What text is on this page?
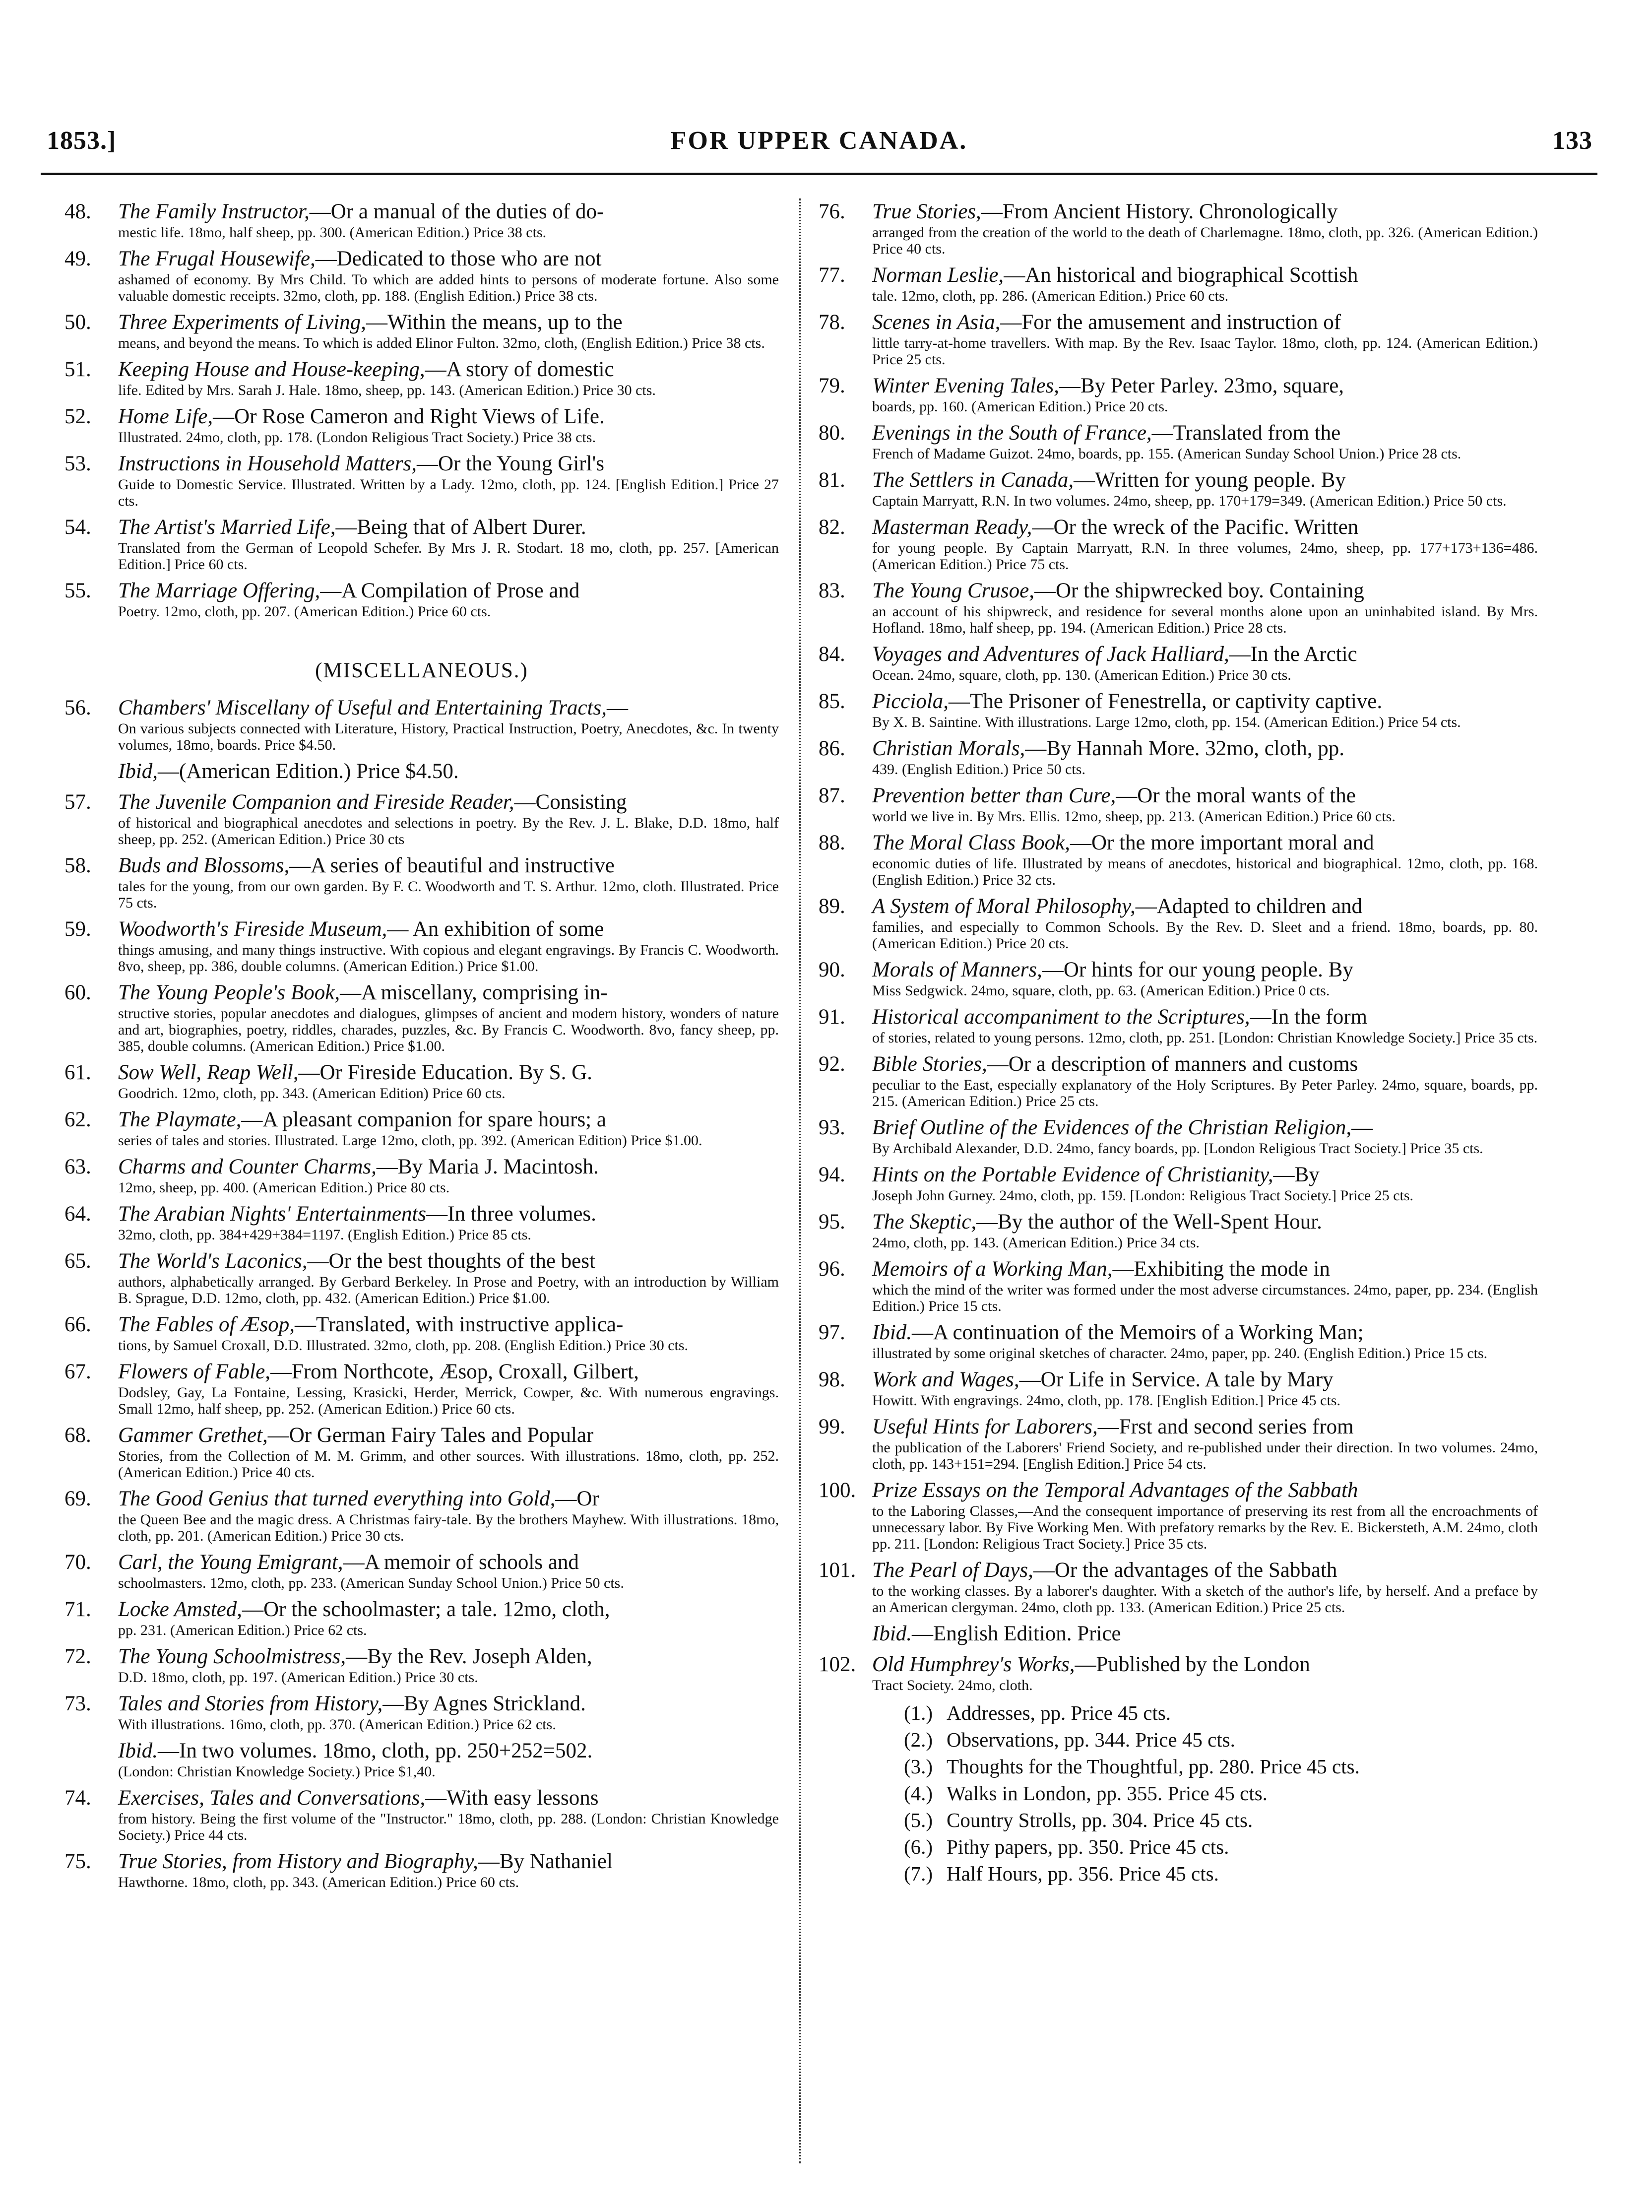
1853.]	FOR UPPER CANADA.	133
48. The Family Instructor,—Or a manual of the duties of do-
mestic life. 18mo, half sheep, pp. 300. (American Edition.) Price 38 cts.
49. The Frugal Housewife,—Dedicated to those who are not
ashamed of economy. By Mrs Child. To which are added hints to persons of moderate fortune. Also some valuable domestic receipts. 32mo, cloth, pp. 188. (English Edition.) Price 38 cts.
50. Three Experiments of Living,—Within the means, up to the
means, and beyond the means. To which is added Elinor Fulton. 32mo, cloth, (English Edition.) Price 38 cts.
51. Keeping House and House-keeping,—A story of domestic
life. Edited by Mrs. Sarah J. Hale. 18mo, sheep, pp. 143. (American Edition.) Price 30 cts.
52. Home Life,—Or Rose Cameron and Right Views of Life.
Illustrated. 24mo, cloth, pp. 178. (London Religious Tract Society.) Price 38 cts.
53. Instructions in Household Matters,—Or the Young Girl's
Guide to Domestic Service. Illustrated. Written by a Lady. 12mo, cloth, pp. 124. [English Edition.] Price 27 cts.
54. The Artist's Married Life,—Being that of Albert Durer.
Translated from the German of Leopold Schefer. By Mrs J. R. Stodart. 18 mo, cloth, pp. 257. [American Edition.] Price 60 cts.
55. The Marriage Offering,—A Compilation of Prose and
Poetry. 12mo, cloth, pp. 207. (American Edition.) Price 60 cts.
(MISCELLANEOUS.)
56. Chambers' Miscellany of Useful and Entertaining Tracts,—
On various subjects connected with Literature, History, Practical Instruction, Poetry, Anecdotes, &c. In twenty volumes, 18mo, boards. Price $4.50.
Ibid,—(American Edition.) Price $4.50.
57. The Juvenile Companion and Fireside Reader,—Consisting
of historical and biographical anecdotes and selections in poetry. By the Rev. J. L. Blake, D.D. 18mo, half sheep, pp. 252. (American Edition.) Price 30 cts
58. Buds and Blossoms,—A series of beautiful and instructive
tales for the young, from our own garden. By F. C. Woodworth and T. S. Arthur. 12mo, cloth. Illustrated. Price 75 cts.
59. Woodworth's Fireside Museum,— An exhibition of some
things amusing, and many things instructive. With copious and elegant engravings. By Francis C. Woodworth. 8vo, sheep, pp. 386, double columns. (American Edition.) Price $1.00.
60. The Young People's Book,—A miscellany, comprising in-
structive stories, popular anecdotes and dialogues, glimpses of ancient and modern history, wonders of nature and art, biographies, poetry, riddles, charades, puzzles, &c. By Francis C. Woodworth. 8vo, fancy sheep, pp. 385, double columns. (American Edition.) Price $1.00.
61. Sow Well, Reap Well,—Or Fireside Education. By S. G.
Goodrich. 12mo, cloth, pp. 343. (American Edition) Price 60 cts.
62. The Playmate,—A pleasant companion for spare hours; a
series of tales and stories. Illustrated. Large 12mo, cloth, pp. 392. (American Edition) Price $1.00.
63. Charms and Counter Charms,—By Maria J. Macintosh.
12mo, sheep, pp. 400. (American Edition.) Price 80 cts.
64. The Arabian Nights' Entertainments—In three volumes.
32mo, cloth, pp. 384+429+384=1197. (English Edition.) Price 85 cts.
65. The World's Laconics,—Or the best thoughts of the best
authors, alphabetically arranged. By Gerbard Berkeley. In Prose and Poetry, with an introduction by William B. Sprague, D.D. 12mo, cloth, pp. 432. (American Edition.) Price $1.00.
66. The Fables of Æsop,—Translated, with instructive applica-
tions, by Samuel Croxall, D.D. Illustrated. 32mo, cloth, pp. 208. (English Edition.) Price 30 cts.
67. Flowers of Fable,—From Northcote, Æsop, Croxall, Gilbert,
Dodsley, Gay, La Fontaine, Lessing, Krasicki, Herder, Merrick, Cowper, &c. With numerous engravings. Small 12mo, half sheep, pp. 252. (American Edition.) Price 60 cts.
68. Gammer Grethet,—Or German Fairy Tales and Popular
Stories, from the Collection of M. M. Grimm, and other sources. With illustrations. 18mo, cloth, pp. 252. (American Edition.) Price 40 cts.
69. The Good Genius that turned everything into Gold,—Or
the Queen Bee and the magic dress. A Christmas fairy-tale. By the brothers Mayhew. With illustrations. 18mo, cloth, pp. 201. (American Edition.) Price 30 cts.
70. Carl, the Young Emigrant,—A memoir of schools and
schoolmasters. 12mo, cloth, pp. 233. (American Sunday School Union.) Price 50 cts.
71. Locke Amsted,—Or the schoolmaster; a tale. 12mo, cloth,
pp. 231. (American Edition.) Price 62 cts.
72. The Young Schoolmistress,—By the Rev. Joseph Alden,
D.D. 18mo, cloth, pp. 197. (American Edition.) Price 30 cts.
73. Tales and Stories from History,—By Agnes Strickland.
With illustrations. 16mo, cloth, pp. 370. (American Edition.) Price 62 cts.
Ibid.—In two volumes. 18mo, cloth, pp. 250+252=502.
(London: Christian Knowledge Society.) Price $1,40.
74. Exercises, Tales and Conversations,—With easy lessons
from history. Being the first volume of the "Instructor." 18mo, cloth, pp. 288. (London: Christian Knowledge Society.) Price 44 cts.
75. True Stories, from History and Biography,—By Nathaniel
Hawthorne. 18mo, cloth, pp. 343. (American Edition.) Price 60 cts.
76. True Stories,—From Ancient History. Chronologically
arranged from the creation of the world to the death of Charlemagne. 18mo, cloth, pp. 326. (American Edition.) Price 40 cts.
77. Norman Leslie,—An historical and biographical Scottish
tale. 12mo, cloth, pp. 286. (American Edition.) Price 60 cts.
78. Scenes in Asia,—For the amusement and instruction of
little tarry-at-home travellers. With map. By the Rev. Isaac Taylor. 18mo, cloth, pp. 124. (American Edition.) Price 25 cts.
79. Winter Evening Tales,—By Peter Parley. 23mo, square,
boards, pp. 160. (American Edition.) Price 20 cts.
80. Evenings in the South of France,—Translated from the
French of Madame Guizot. 24mo, boards, pp. 155. (American Sunday School Union.) Price 28 cts.
81. The Settlers in Canada,—Written for young people. By
Captain Marryatt, R.N. In two volumes. 24mo, sheep, pp. 170+179=349. (American Edition.) Price 50 cts.
82. Masterman Ready,—Or the wreck of the Pacific. Written
for young people. By Captain Marryatt, R.N. In three volumes, 24mo, sheep, pp. 177+173+136=486. (American Edition.) Price 75 cts.
83. The Young Crusoe,—Or the shipwrecked boy. Containing
an account of his shipwreck, and residence for several months alone upon an uninhabited island. By Mrs. Hofland. 18mo, half sheep, pp. 194. (American Edition.) Price 28 cts.
84. Voyages and Adventures of Jack Halliard,—In the Arctic
Ocean. 24mo, square, cloth, pp. 130. (American Edition.) Price 30 cts.
85. Picciola,—The Prisoner of Fenestrella, or captivity captive.
By X. B. Saintine. With illustrations. Large 12mo, cloth, pp. 154. (American Edition.) Price 54 cts.
86. Christian Morals,—By Hannah More. 32mo, cloth, pp.
439. (English Edition.) Price 50 cts.
87. Prevention better than Cure,—Or the moral wants of the
world we live in. By Mrs. Ellis. 12mo, sheep, pp. 213. (American Edition.) Price 60 cts.
88. The Moral Class Book,—Or the more important moral and
economic duties of life. Illustrated by means of anecdotes, historical and biographical. 12mo, cloth, pp. 168. (English Edition.) Price 32 cts.
89. A System of Moral Philosophy,—Adapted to children and
families, and especially to Common Schools. By the Rev. D. Sleet and a friend. 18mo, boards, pp. 80. (American Edition.) Price 20 cts.
90. Morals of Manners,—Or hints for our young people. By
Miss Sedgwick. 24mo, square, cloth, pp. 63. (American Edition.) Price 0 cts.
91. Historical accompaniment to the Scriptures,—In the form
of stories, related to young persons. 12mo, cloth, pp. 251. [London: Christian Knowledge Society.] Price 35 cts.
92. Bible Stories,—Or a description of manners and customs
peculiar to the East, especially explanatory of the Holy Scriptures. By Peter Parley. 24mo, square, boards, pp. 215. (American Edition.) Price 25 cts.
93. Brief Outline of the Evidences of the Christian Religion,—
By Archibald Alexander, D.D. 24mo, fancy boards, pp. [London Religious Tract Society.] Price 35 cts.
94. Hints on the Portable Evidence of Christianity,—By
Joseph John Gurney. 24mo, cloth, pp. 159. [London: Religious Tract Society.] Price 25 cts.
95. The Skeptic,—By the author of the Well-Spent Hour.
24mo, cloth, pp. 143. (American Edition.) Price 34 cts.
96. Memoirs of a Working Man,—Exhibiting the mode in
which the mind of the writer was formed under the most adverse circumstances. 24mo, paper, pp. 234. (English Edition.) Price 15 cts.
97. Ibid.—A continuation of the Memoirs of a Working Man;
illustrated by some original sketches of character. 24mo, paper, pp. 240. (English Edition.) Price 15 cts.
98. Work and Wages,—Or Life in Service. A tale by Mary
Howitt. With engravings. 24mo, cloth, pp. 178. [English Edition.] Price 45 cts.
99. Useful Hints for Laborers,—Frst and second series from
the publication of the Laborers' Friend Society, and re-published under their direction. In two volumes. 24mo, cloth, pp. 143+151=294. [English Edition.] Price 54 cts.
100. Prize Essays on the Temporal Advantages of the Sabbath
to the Laboring Classes,—And the consequent importance of preserving its rest from all the encroachments of unnecessary labor. By Five Working Men. With prefatory remarks by the Rev. E. Bickersteth, A.M. 24mo, cloth pp. 211. [London: Religious Tract Society.] Price 35 cts.
101. The Pearl of Days,—Or the advantages of the Sabbath
to the working classes. By a laborer's daughter. With a sketch of the author's life, by herself. And a preface by an American clergyman. 24mo, cloth pp. 133. (American Edition.) Price 25 cts.
Ibid.—English Edition. Price
102. Old Humphrey's Works,—Published by the London
Tract Society. 24mo, cloth.
(1.) Addresses, pp. Price 45 cts.
(2.) Observations, pp. 344. Price 45 cts.
(3.) Thoughts for the Thoughtful, pp. 280. Price 45 cts.
(4.) Walks in London, pp. 355. Price 45 cts.
(5.) Country Strolls, pp. 304. Price 45 cts.
(6.) Pithy papers, pp. 350. Price 45 cts.
(7.) Half Hours, pp. 356. Price 45 cts.
